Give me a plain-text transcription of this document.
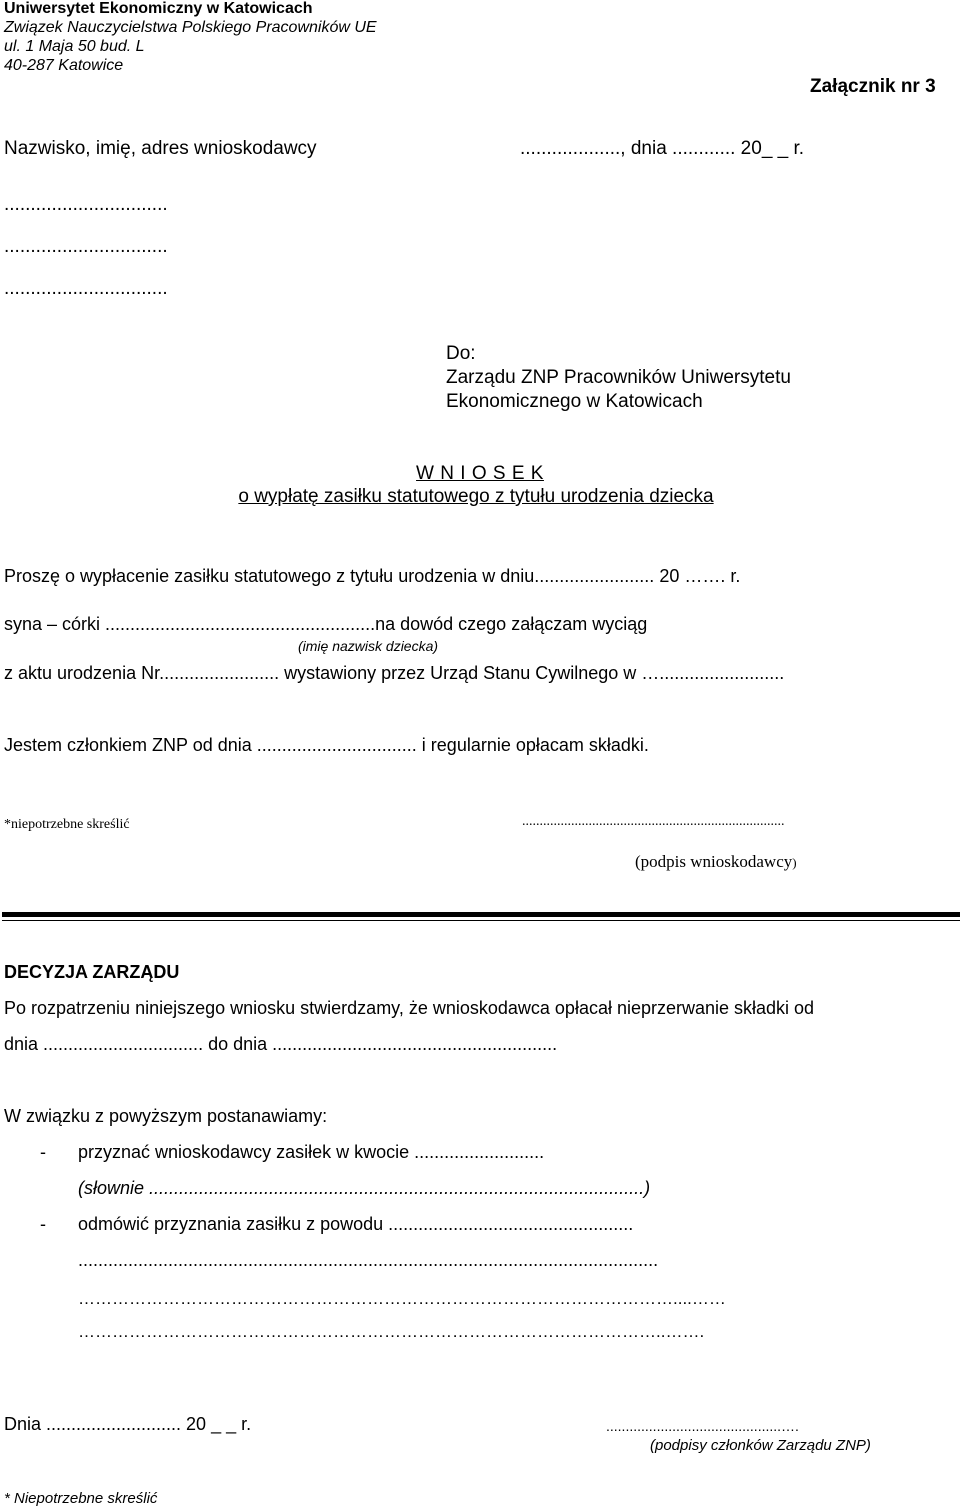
Uniwersytet Ekonomiczny w Katowicach
Związek Nauczycielstwa Polskiego Pracowników UE
ul. 1 Maja 50 bud. L
40-287 Katowice
Załącznik nr 3
Nazwisko, imię, adres wnioskodawcy	..................., dnia ............ 20_ _ r.
...............................
...............................
...............................
Do:
Zarządu ZNP Pracowników Uniwersytetu
Ekonomicznego w Katowicach
W N I O S E K
o wypłatę zasiłku statutowego z tytułu urodzenia dziecka
Proszę o wypłacenie zasiłku statutowego z tytułu urodzenia w dniu........................ 20 ……. r.
syna – córki ......................................................na dowód czego załączam wyciąg
(imię nazwisk dziecka)
z aktu urodzenia Nr........................ wystawiony przez Urząd Stanu Cywilnego w ….........................
Jestem członkiem ZNP od dnia ................................ i regularnie opłacam składki.
*niepotrzebne skreślić	...........................................................................
(podpis wnioskodawcy)
DECYZJA ZARZĄDU
Po rozpatrzeniu niniejszego wniosku stwierdzamy, że wnioskodawca opłacał nieprzerwanie składki od
dnia ................................ do dnia .........................................................
W związku z powyższym postanawiamy:
- przyznać wnioskodawcy zasiłek w kwocie ..........................
(słownie ...................................................................................................)
- odmówić przyznania zasiłku z powodu .................................................
....................................................................................................................
……………………………………………………………………………………………....……
…………………………………………………………………………………………..…….
Dnia ........................... 20 _ _ r.	.............................................….
(podpisy członków Zarządu ZNP)
* Niepotrzebne skreślić
